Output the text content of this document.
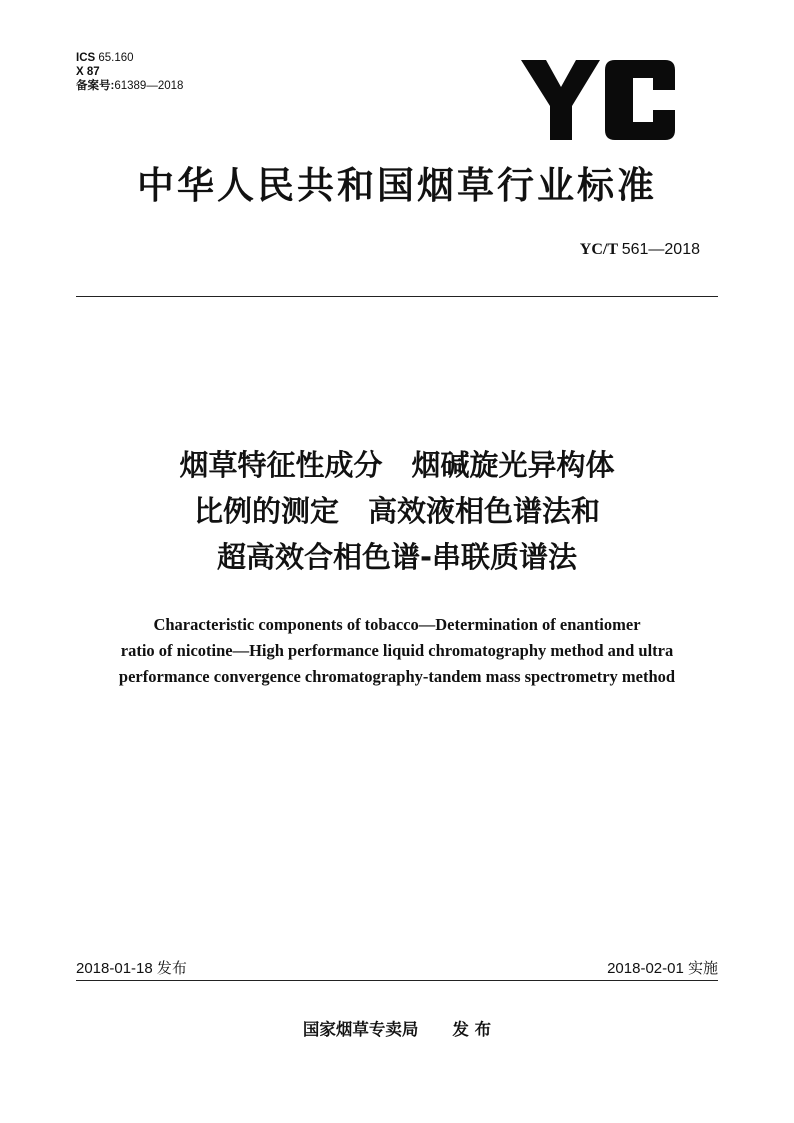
ICS 65.160
X 87
备案号:61389—2018
中华人民共和国烟草行业标准
YC/T 561—2018
烟草特征性成分　烟碱旋光异构体
比例的测定　高效液相色谱法和
超高效合相色谱-串联质谱法
Characteristic components of tobacco—Determination of enantiomer
ratio of nicotine—High performance liquid chromatography method and ultra
performance convergence chromatography-tandem mass spectrometry method
2018-01-18 发布	2018-02-01 实施
国家烟草专卖局 发 布
